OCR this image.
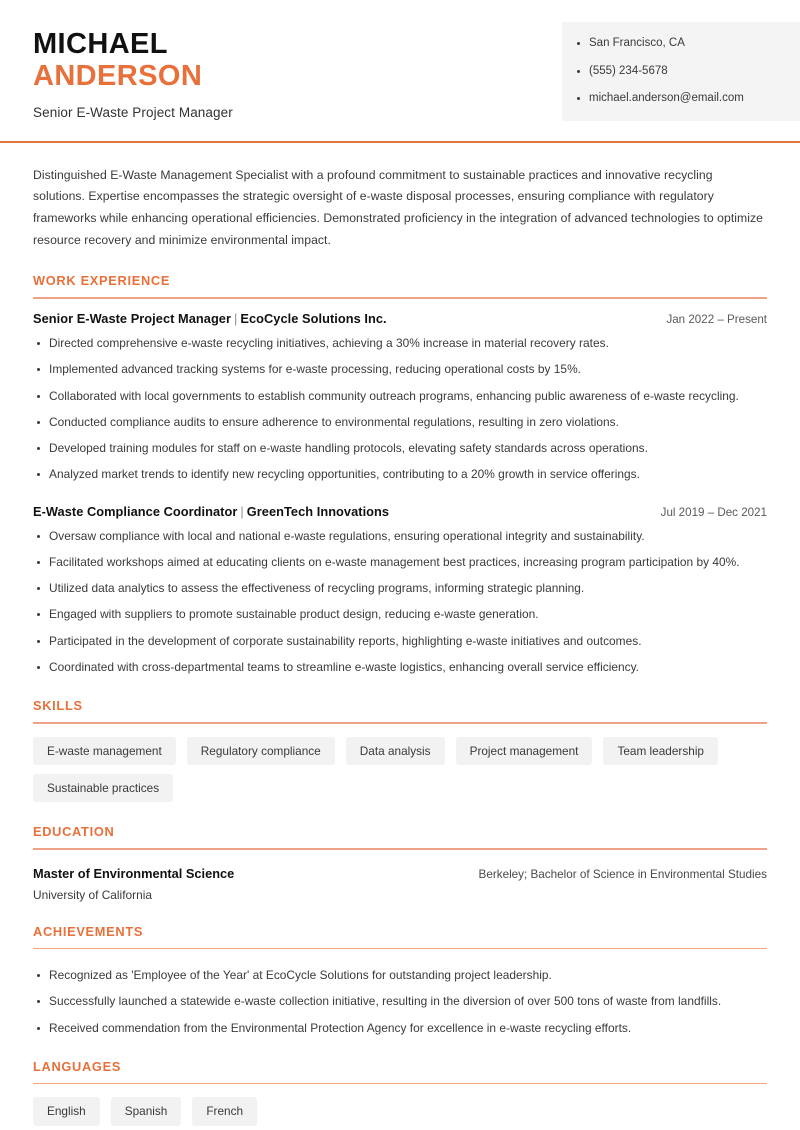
MICHAEL
ANDERSON
Senior E-Waste Project Manager
San Francisco, CA
(555) 234-5678
michael.anderson@email.com

Distinguished E-Waste Management Specialist with a profound commitment to sustainable practices and innovative recycling solutions. Expertise encompasses the strategic oversight of e-waste disposal processes, ensuring compliance with regulatory frameworks while enhancing operational efficiencies. Demonstrated proficiency in the integration of advanced technologies to optimize resource recovery and minimize environmental impact.

WORK EXPERIENCE
Senior E-Waste Project Manager | EcoCycle Solutions Inc.	Jan 2022 – Present
Directed comprehensive e-waste recycling initiatives, achieving a 30% increase in material recovery rates.
Implemented advanced tracking systems for e-waste processing, reducing operational costs by 15%.
Collaborated with local governments to establish community outreach programs, enhancing public awareness of e-waste recycling.
Conducted compliance audits to ensure adherence to environmental regulations, resulting in zero violations.
Developed training modules for staff on e-waste handling protocols, elevating safety standards across operations.
Analyzed market trends to identify new recycling opportunities, contributing to a 20% growth in service offerings.
E-Waste Compliance Coordinator | GreenTech Innovations	Jul 2019 – Dec 2021
Oversaw compliance with local and national e-waste regulations, ensuring operational integrity and sustainability.
Facilitated workshops aimed at educating clients on e-waste management best practices, increasing program participation by 40%.
Utilized data analytics to assess the effectiveness of recycling programs, informing strategic planning.
Engaged with suppliers to promote sustainable product design, reducing e-waste generation.
Participated in the development of corporate sustainability reports, highlighting e-waste initiatives and outcomes.
Coordinated with cross-departmental teams to streamline e-waste logistics, enhancing overall service efficiency.
SKILLS
E-waste management	Regulatory compliance	Data analysis	Project management	Team leadership
Sustainable practices
EDUCATION
Master of Environmental Science	Berkeley; Bachelor of Science in Environmental Studies
University of California
ACHIEVEMENTS
Recognized as 'Employee of the Year' at EcoCycle Solutions for outstanding project leadership.
Successfully launched a statewide e-waste collection initiative, resulting in the diversion of over 500 tons of waste from landfills.
Received commendation from the Environmental Protection Agency for excellence in e-waste recycling efforts.
LANGUAGES
English	Spanish	French
